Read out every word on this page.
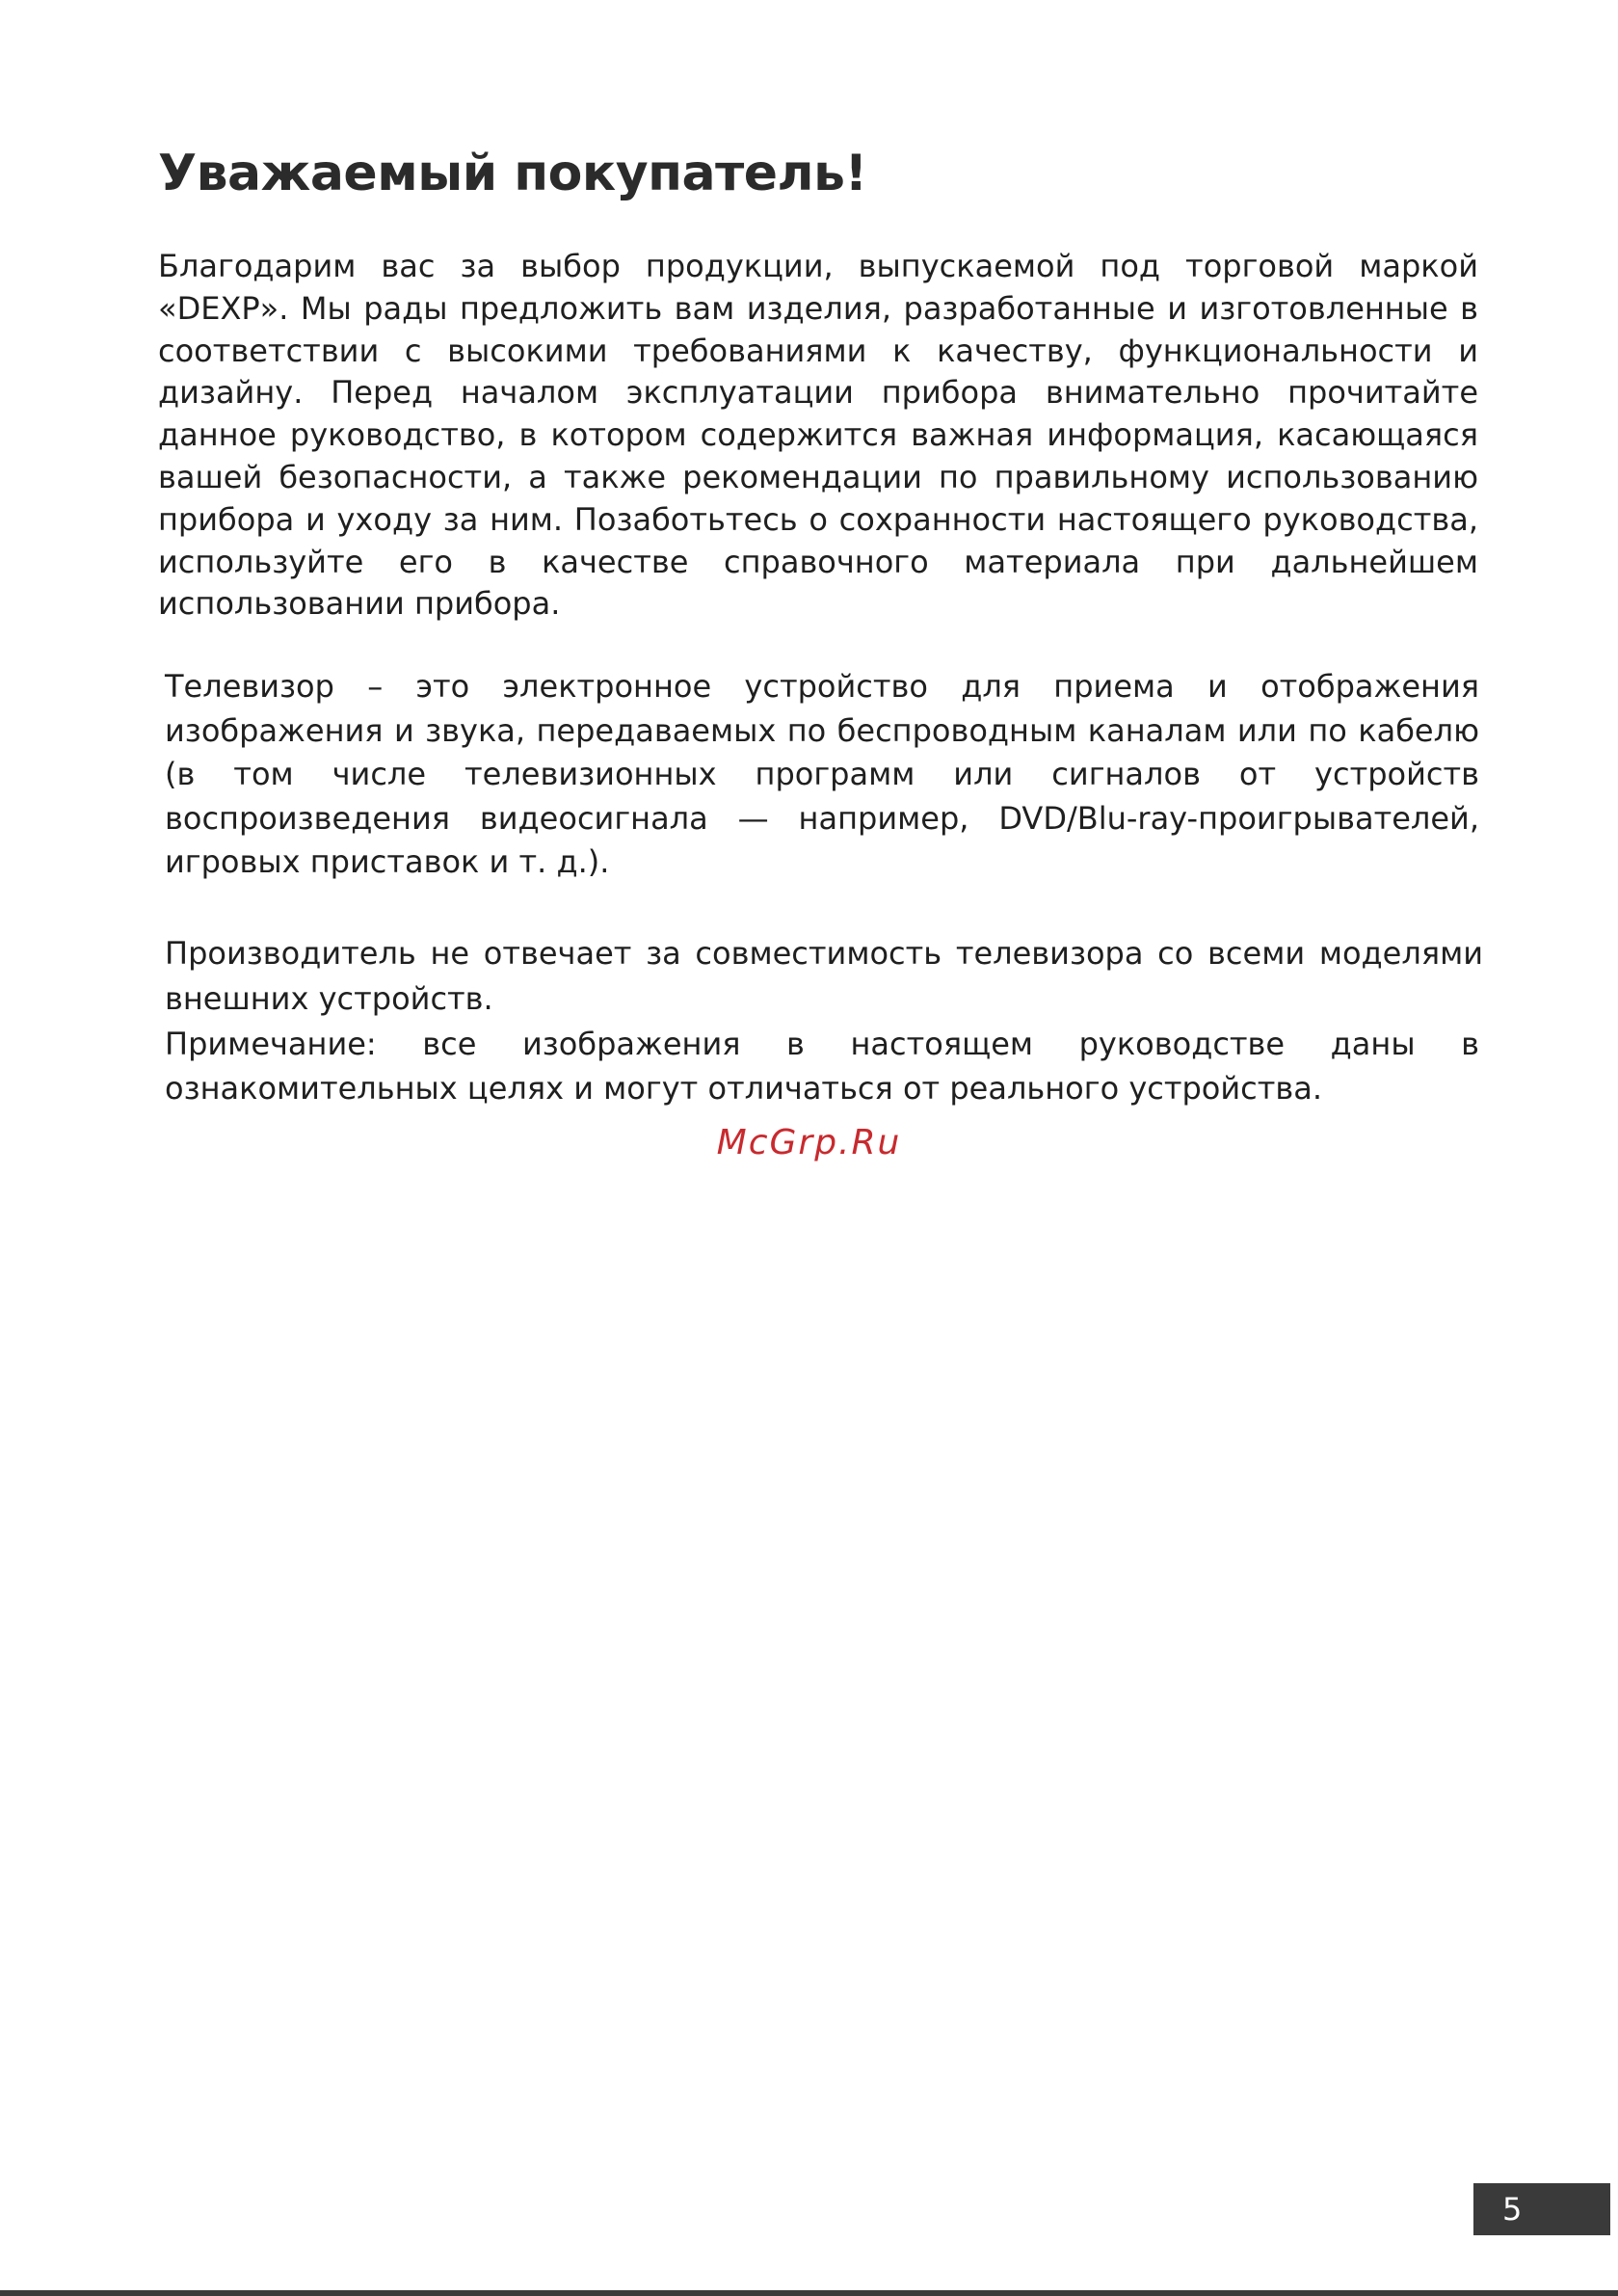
Уважаемый покупатель!

Благодарим вас за выбор продукции, выпускаемой под торговой маркой «DEXP». Мы рады предложить вам изделия, разработанные и изготовленные в соответствии с высокими требованиями к качеству, функциональности и дизайну. Перед началом эксплуатации прибора внимательно прочитайте данное руководство, в котором содержится важная информация, касающаяся вашей безопасности, а также рекомендации по правильному использованию прибора и уходу за ним. Позаботьтесь о сохранности настоящего руководства, используйте его в качестве справочного материала при дальнейшем использовании прибора.

Телевизор – это электронное устройство для приема и отображения изображения и звука, передаваемых по беспроводным каналам или по кабелю (в том числе телевизионных программ или сигналов от устройств воспроизведения видеосигнала — например, DVD/Blu-ray-проигрывателей, игровых приставок и т. д.).

Производитель не отвечает за совместимость телевизора со всеми моделями внешних устройств.

Примечание: все изображения в настоящем руководстве даны в ознакомительных целях и могут отличаться от реального устройства.

McGrp.Ru
5
